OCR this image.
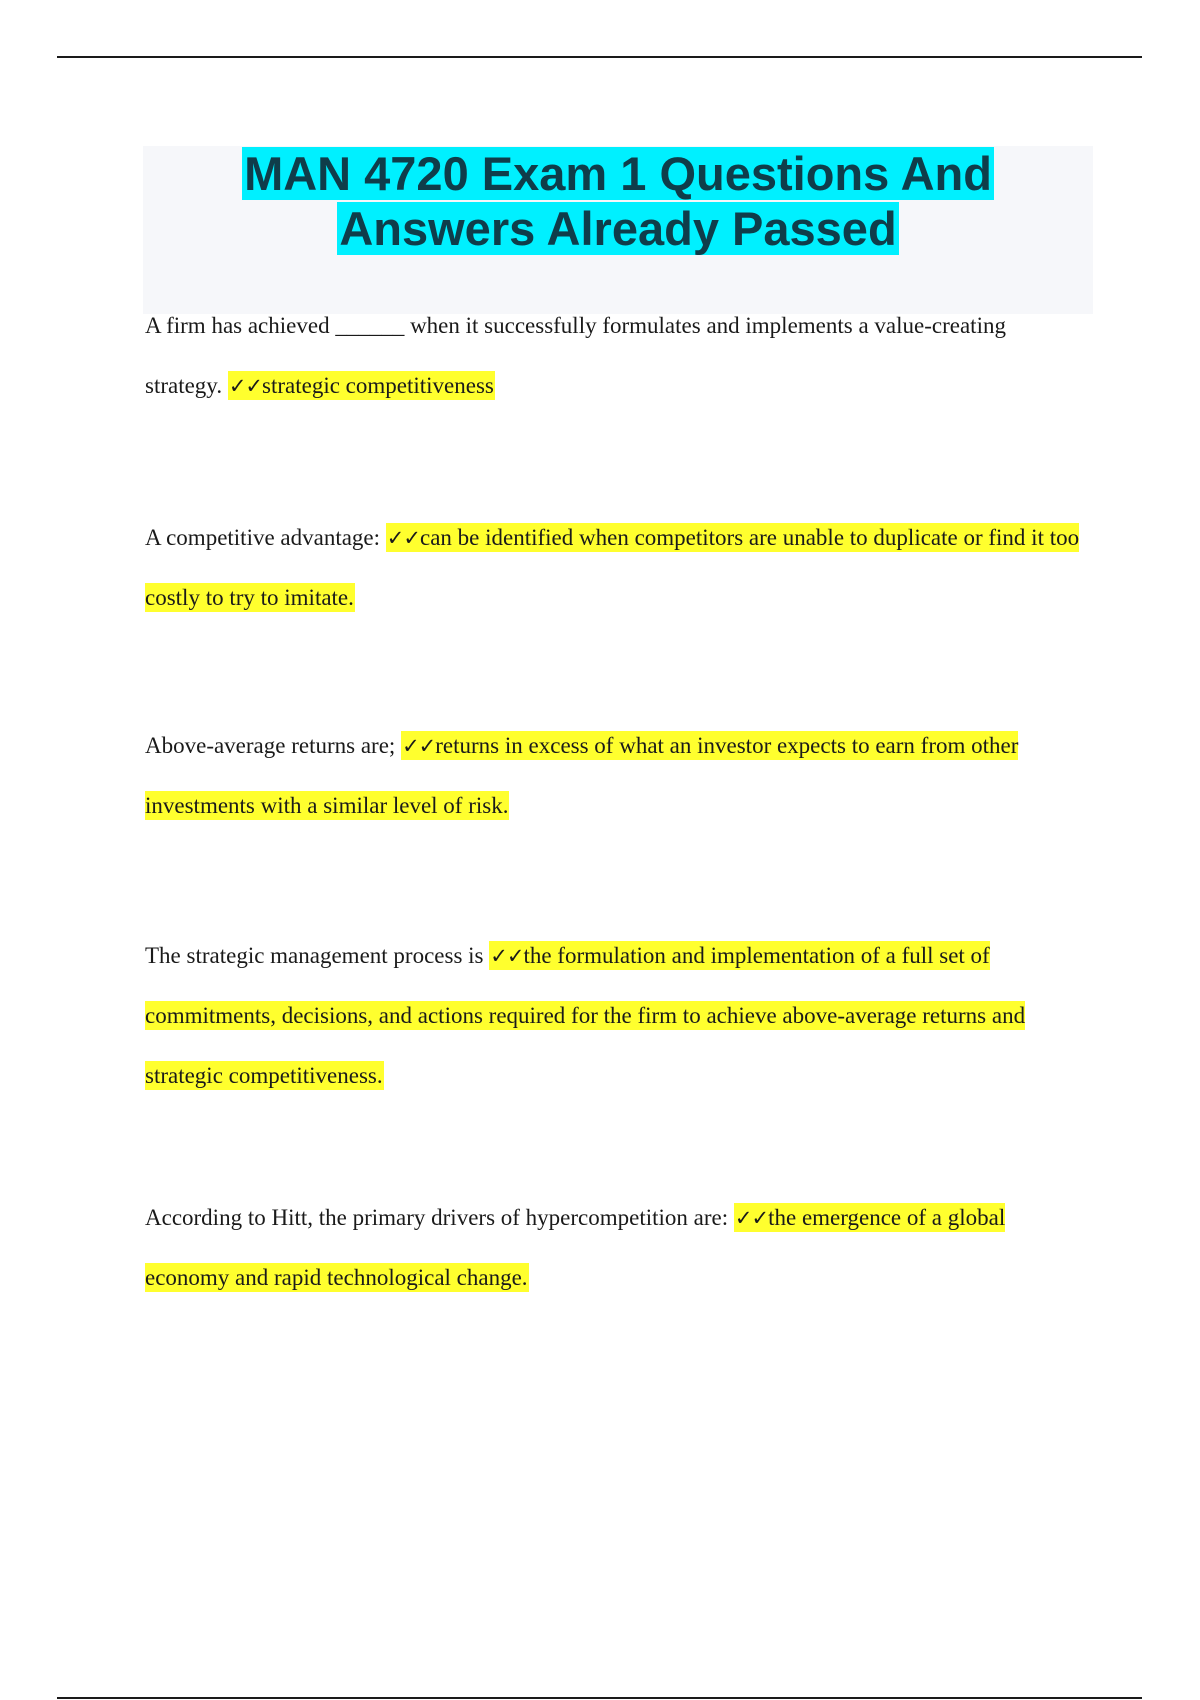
MAN 4720 Exam 1 Questions And
Answers Already Passed

A firm has achieved ______ when it successfully formulates and implements a value-creating strategy. ✓✓strategic competitiveness

A competitive advantage: ✓✓can be identified when competitors are unable to duplicate or find it too costly to try to imitate.

Above-average returns are; ✓✓returns in excess of what an investor expects to earn from other investments with a similar level of risk.

The strategic management process is ✓✓the formulation and implementation of a full set of commitments, decisions, and actions required for the firm to achieve above-average returns and strategic competitiveness.

According to Hitt, the primary drivers of hypercompetition are: ✓✓the emergence of a global economy and rapid technological change.
